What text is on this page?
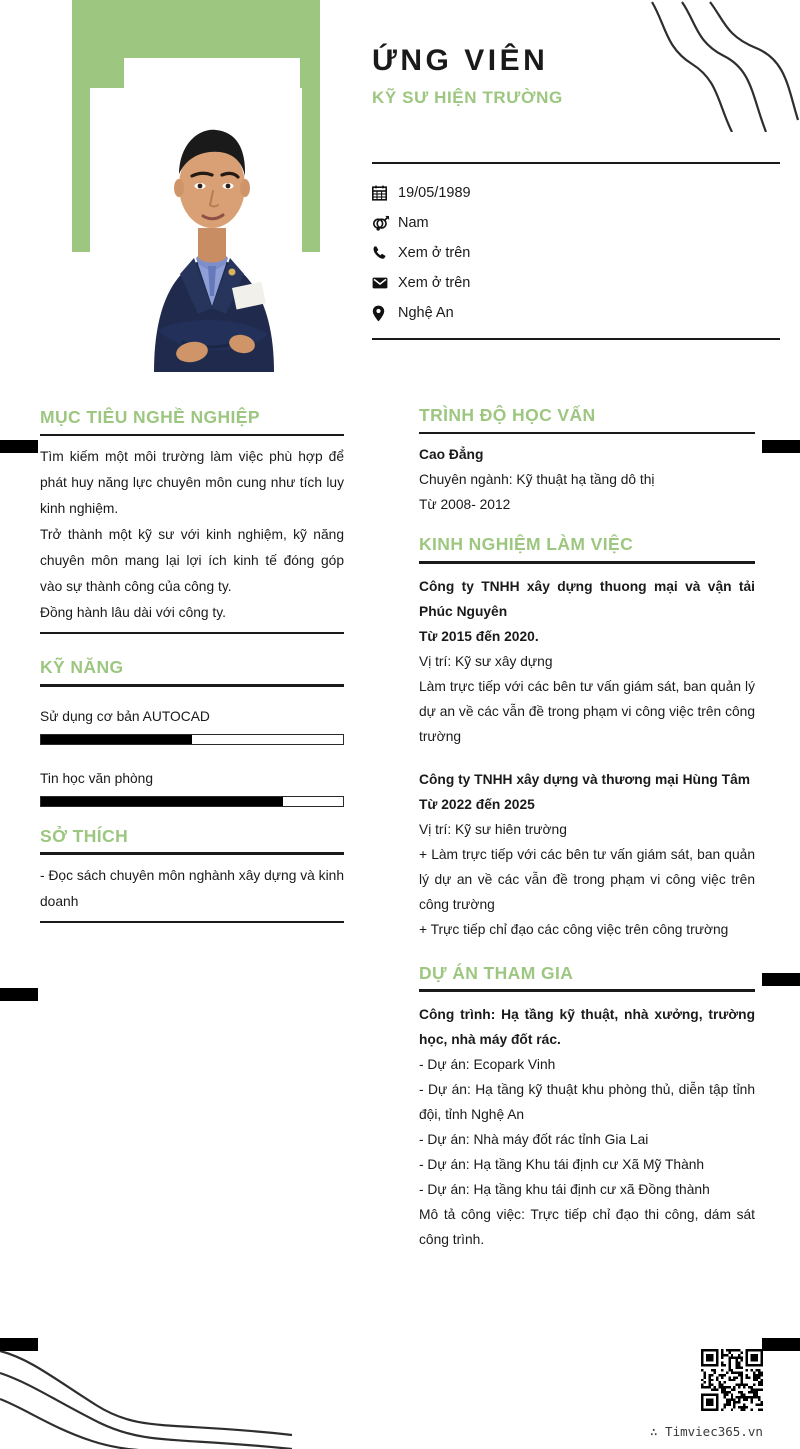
ỨNG VIÊN
KỸ SƯ HIỆN TRƯỜNG
19/05/1989
Nam
Xem ở trên
Xem ở trên
Nghệ An
MỤC TIÊU NGHỀ NGHIỆP

Tìm kiếm một môi trường làm việc phù hợp để phát huy năng lực chuyên môn cung như tích luy kinh nghiệm.

Trở thành một kỹ sư với kinh nghiệm, kỹ năng chuyên môn mang lại lợi ích kinh tế đóng góp vào sự thành công của công ty.

Đồng hành lâu dài với công ty.

KỸ NĂNG
Sử dụng cơ bản AUTOCAD
Tin học văn phòng
SỞ THÍCH

- Đọc sách chuyên môn nghành xây dựng và kinh doanh

TRÌNH ĐỘ HỌC VẤN

Cao Đẳng

Chuyên ngành: Kỹ thuật hạ tầng dô thị

Từ 2008- 2012

KINH NGHIỆM LÀM VIỆC

Công ty TNHH xây dựng thuong mại và vận tải Phúc Nguyên

Từ 2015 đến 2020.

Vị trí: Kỹ sư xây dựng

Làm trực tiếp với các bên tư vấn giám sát, ban quản lý dự an về các vẫn đề trong phạm vi công việc trên công trường

Công ty TNHH xây dựng và thương mại Hùng Tâm

Từ 2022 đến 2025

Vị trí: Kỹ sư hiên trường

+ Làm trực tiếp với các bên tư vấn giám sát, ban quản lý dự an về các vẫn đề trong phạm vi công việc trên công trường

+ Trực tiếp chỉ đạo các công việc trên công trường

DỰ ÁN THAM GIA

Công trình: Hạ tầng kỹ thuật, nhà xưởng, trường học, nhà máy đốt rác.

- Dự án: Ecopark Vinh

- Dự án: Hạ tầng kỹ thuật khu phòng thủ, diễn tập tỉnh đội, tỉnh Nghệ An

- Dự án: Nhà máy đốt rác tỉnh Gia Lai

- Dự án: Hạ tầng Khu tái định cư Xã Mỹ Thành

- Dự án: Hạ tầng khu tái định cư xã Đồng thành

Mô tả công việc: Trực tiếp chỉ đạo thi công, dám sát công trình.

∴ Timviec365.vn
